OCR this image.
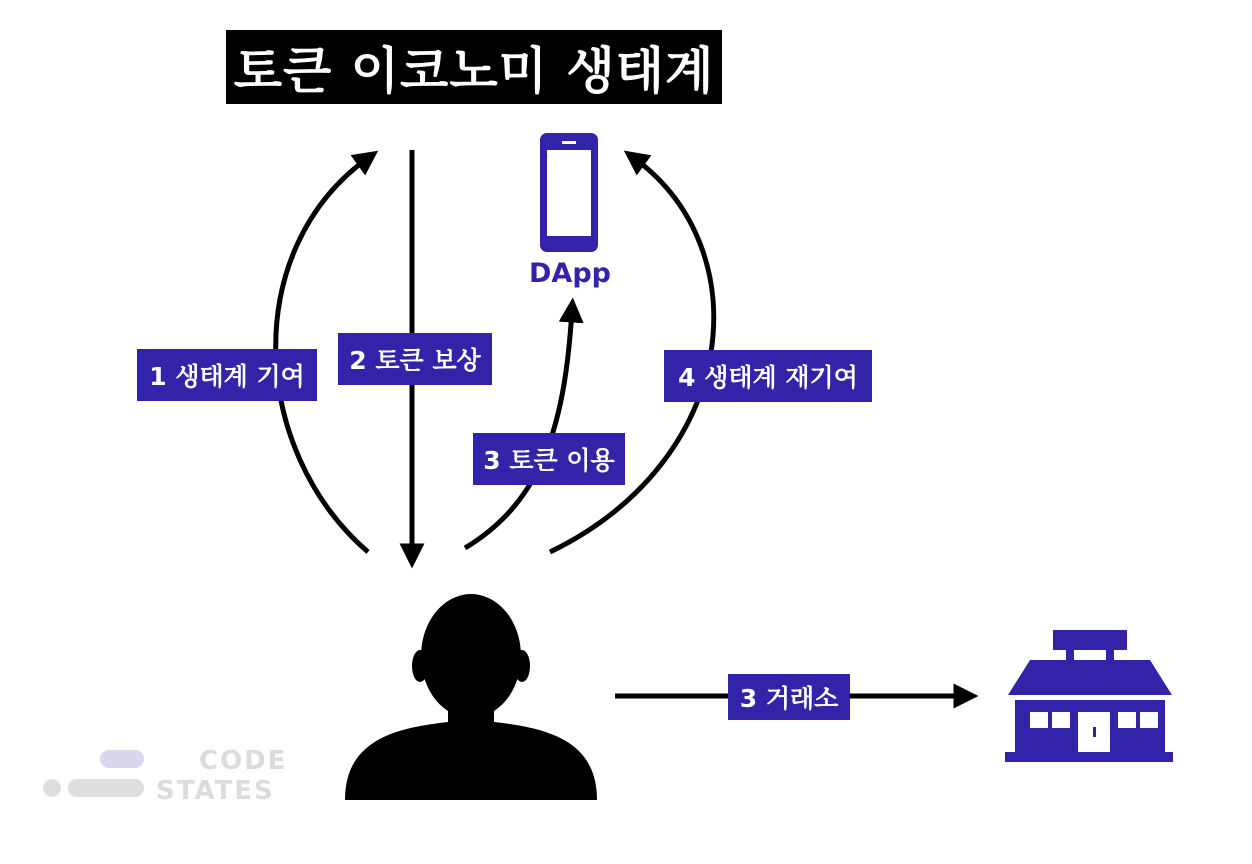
토큰 이코노미 생태계
1 생태계 기여
2 토큰 보상
3 토큰 이용
4 생태계 재기여
3 거래소
DApp
CODE
STATES
